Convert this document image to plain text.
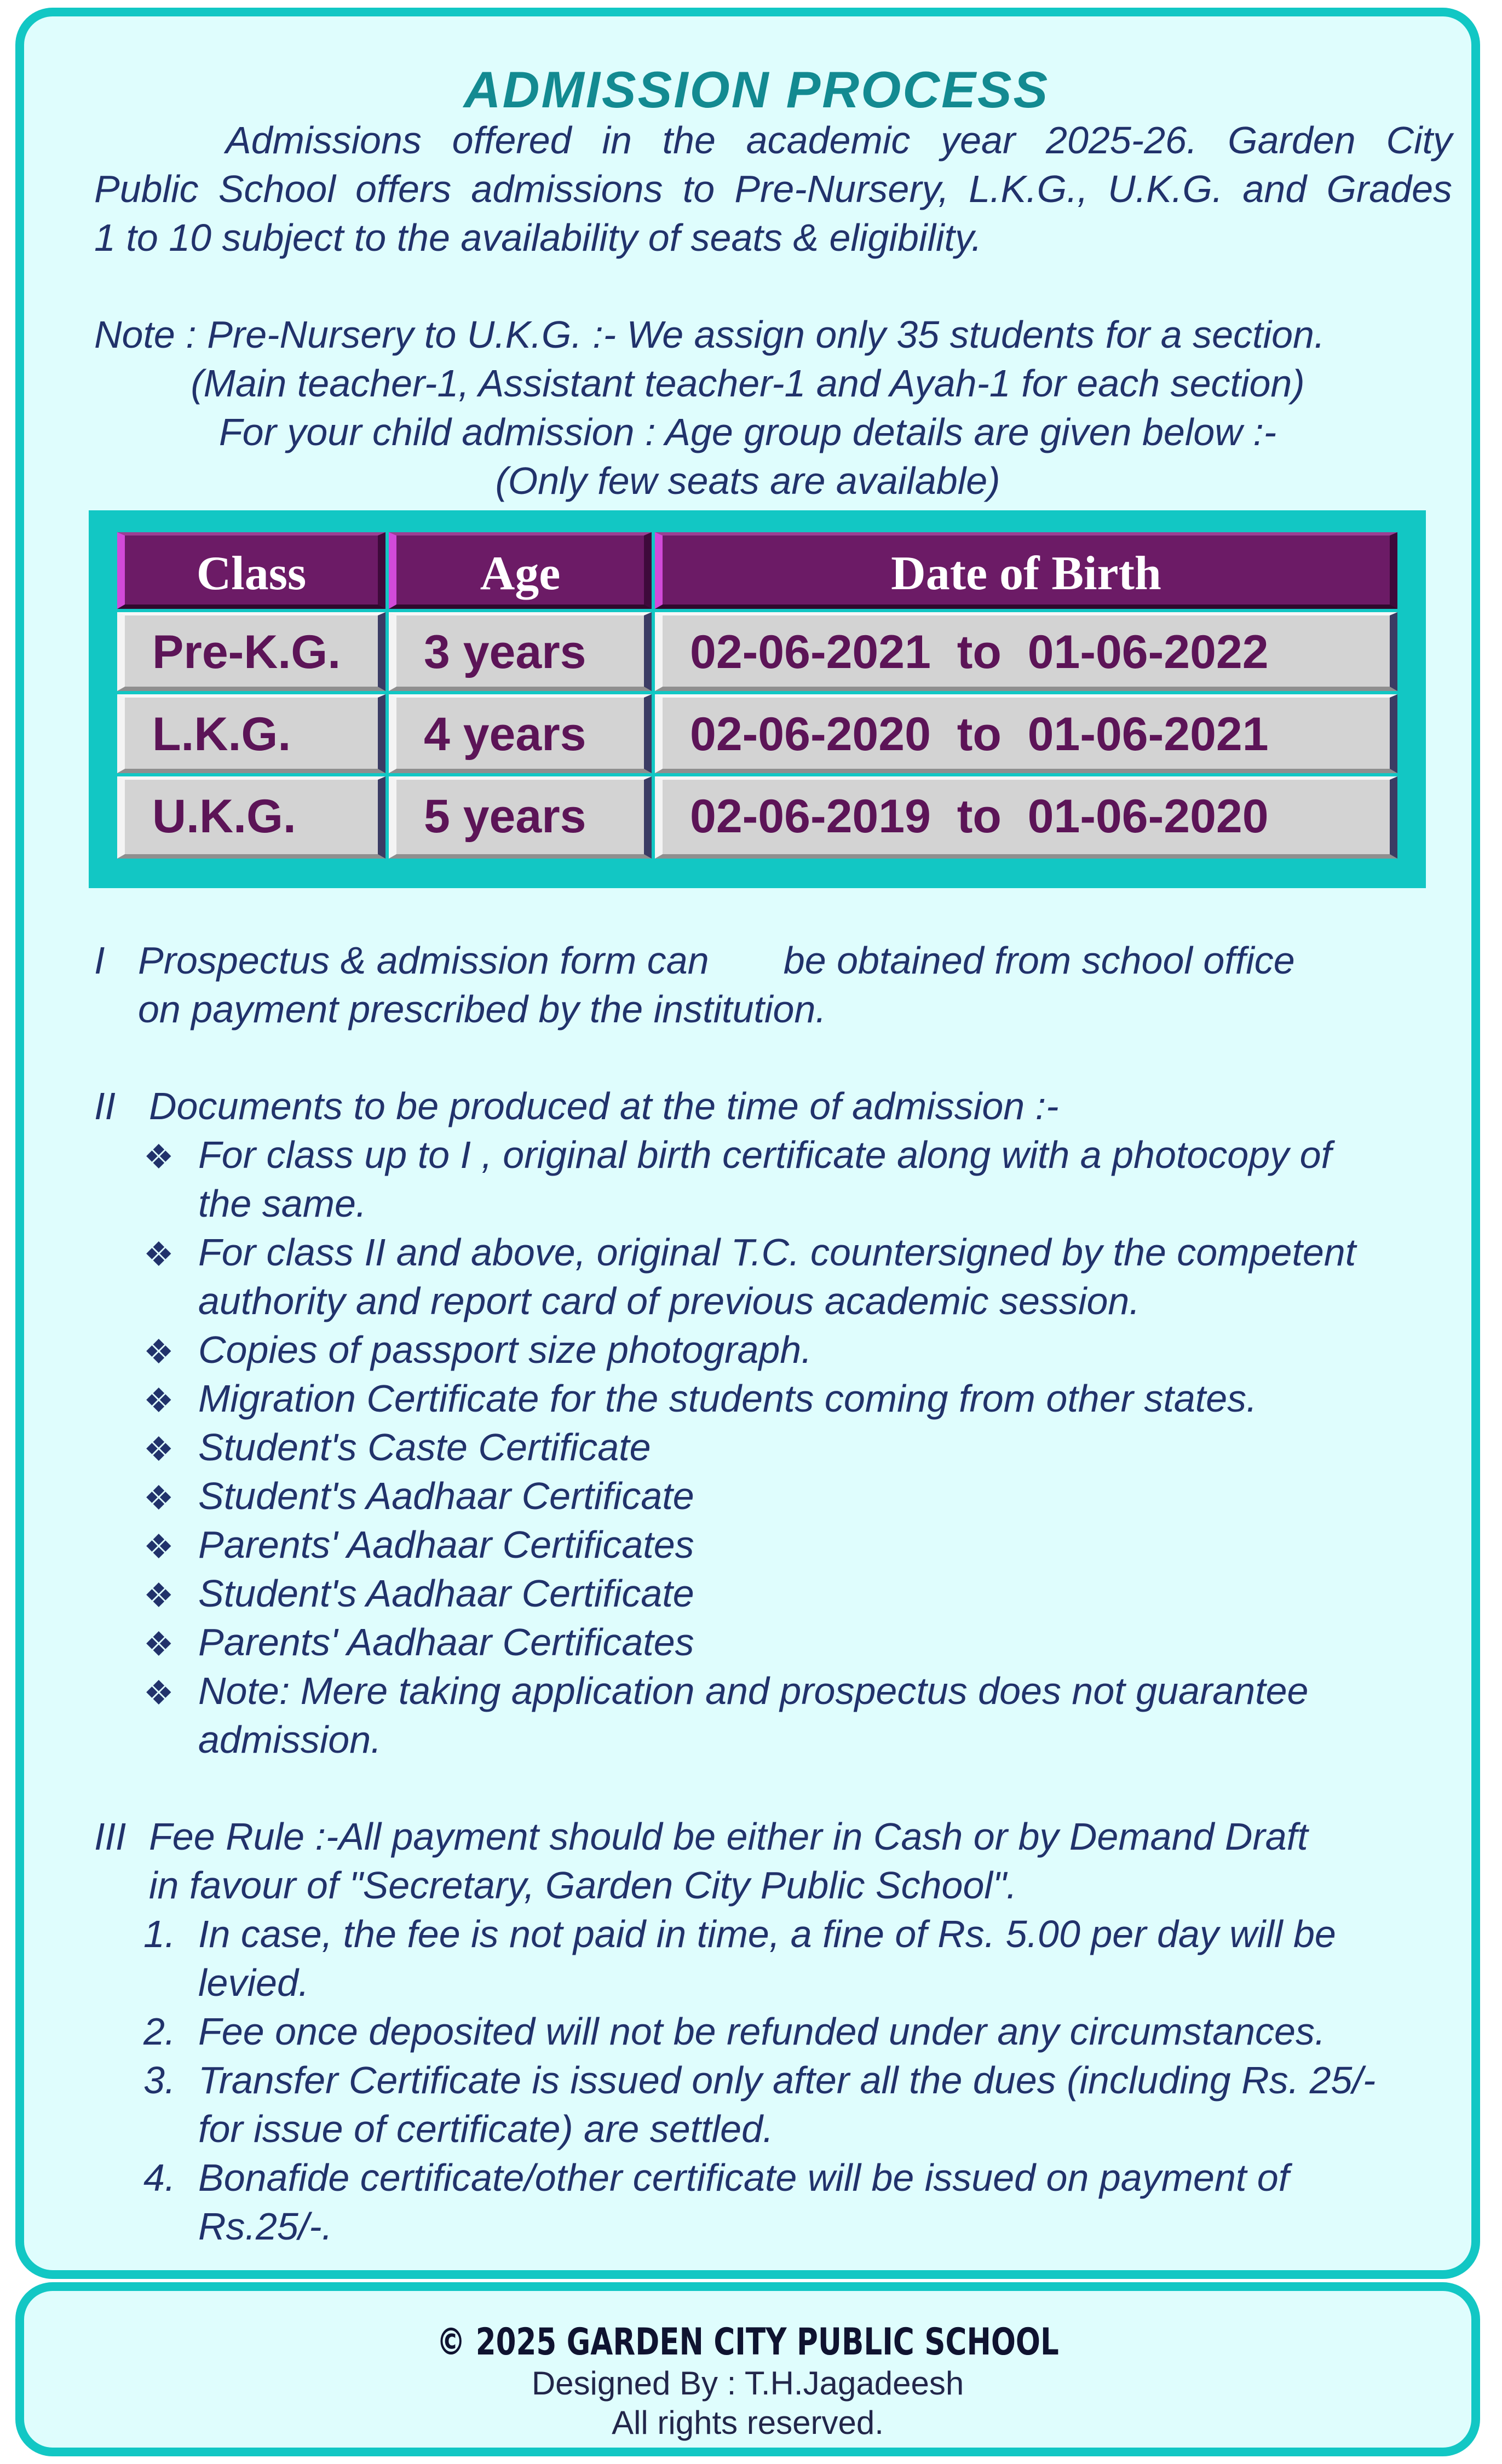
ADMISSION PROCESS
Admissions offered in the academic year 2025-26. Garden City
Public School offers admissions to Pre-Nursery, L.K.G., U.K.G. and Grades
1 to 10 subject to the availability of seats & eligibility.
Note : Pre-Nursery to U.K.G. :- We assign only 35 students for a section.
(Main teacher-1, Assistant teacher-1 and Ayah-1 for each section)
For your child admission : Age group details are given below :-
(Only few seats are available)
Class	Age	Date of Birth
Pre-K.G.	3 years	02-06-2021  to  01-06-2022
L.K.G.	4 years	02-06-2020  to  01-06-2021
U.K.G.	5 years	02-06-2019  to  01-06-2020
I Prospectus & admission form can       be obtained from school office
on payment prescribed by the institution.
II Documents to be produced at the time of admission :-
❖ For class up to I , original birth certificate along with a photocopy of
the same.
❖ For class II and above, original T.C. countersigned by the competent
authority and report card of previous academic session.
❖ Copies of passport size photograph.
❖ Migration Certificate for the students coming from other states.
❖ Student's Caste Certificate
❖ Student's Aadhaar Certificate
❖ Parents' Aadhaar Certificates
❖ Student's Aadhaar Certificate
❖ Parents' Aadhaar Certificates
❖ Note: Mere taking application and prospectus does not guarantee
admission.
III Fee Rule :-All payment should be either in Cash or by Demand Draft
in favour of "Secretary, Garden City Public School".
1. In case, the fee is not paid in time, a fine of Rs. 5.00 per day will be
levied.
2. Fee once deposited will not be refunded under any circumstances.
3. Transfer Certificate is issued only after all the dues (including Rs. 25/-
for issue of certificate) are settled.
4. Bonafide certificate/other certificate will be issued on payment of
Rs.25/-.
© 2025 GARDEN CITY PUBLIC SCHOOL
Designed By : T.H.Jagadeesh
All rights reserved.
